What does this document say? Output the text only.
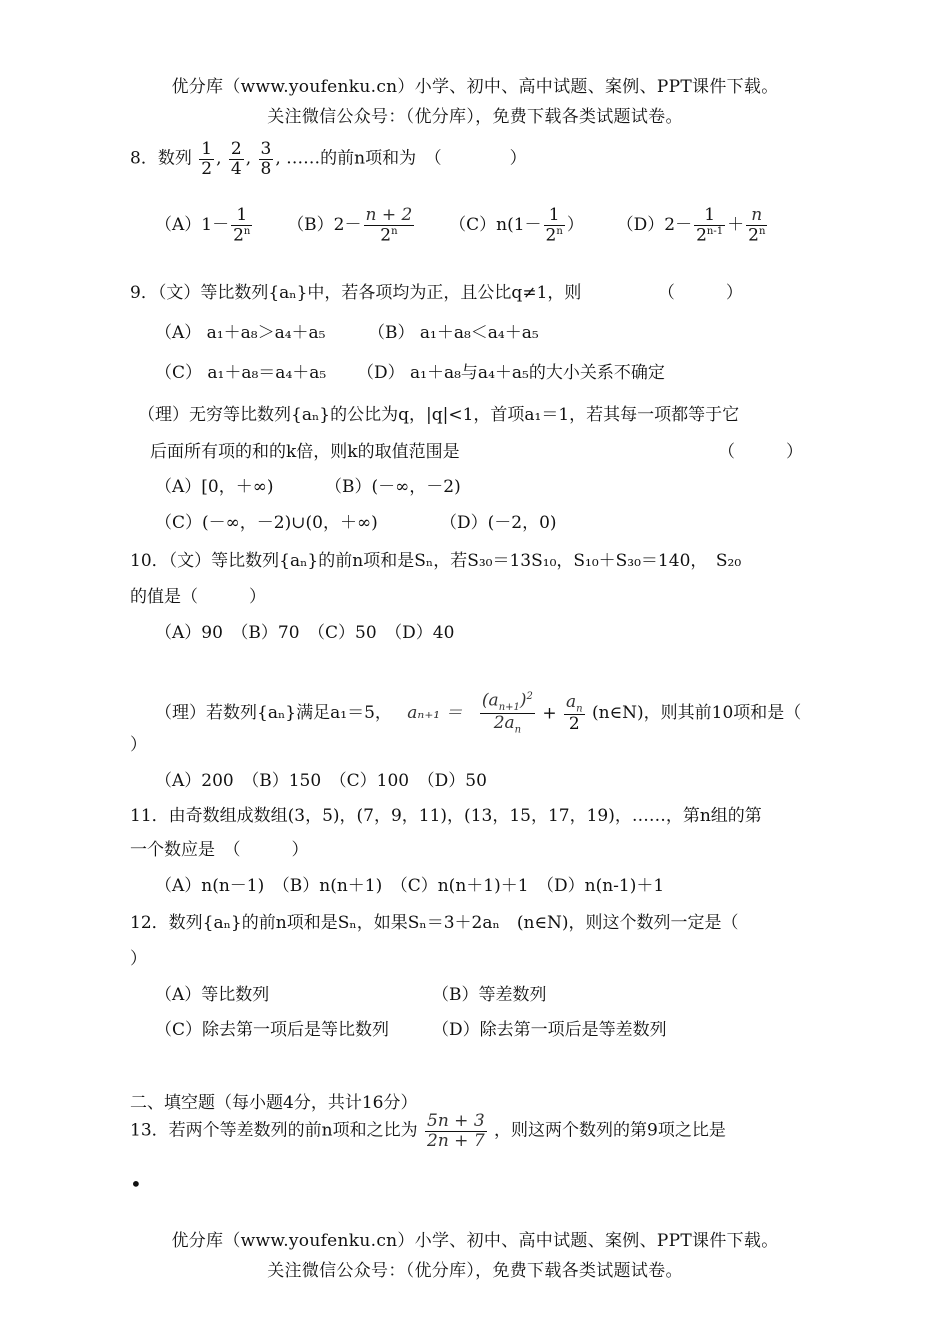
优分库（www.youfenku.cn）小学、初中、高中试题、案例、PPT课件下载。
关注微信公众号：（优分库），免费下载各类试题试卷。
8．数列 $\frac{1}{2}$ , $\frac{2}{4}$ , $\frac{3}{8}$ , ……的前n项和为　（　　　　）
$(A)1- \frac{1}{2^n} (B)2- \frac{n + 2}{2^n} (C)n(1- \frac{1}{2^n}$ ） $(D)2- \frac{1}{2^{n-1}} + \frac{n}{2^n}$
9．（文）等比数列{aₙ}中，若各项均为正，且公比q≠1，则　　　　　（　　　）
（A） a₁＋a₈＞a₄＋a₅	（B） a₁＋a₈＜a₄＋a₅
（C） a₁＋a₈＝a₄＋a₅ （D） a₁＋a₈与a₄＋a₅的大小关系不确定
（理）无穷等比数列{aₙ}的公比为q，|q|<1，首项a₁＝1，若其每一项都等于它
后面所有项的和的k倍，则k的取值范围是	（　　　）
（A）[0，＋∞)	（B）(－∞，－2)
（C）(－∞，－2)∪(0，＋∞)	（D）(－2，0)
10．（文）等比数列{aₙ}的前n项和是Sₙ，若S₃₀＝13S₁₀，S₁₀＋S₃₀＝140，　S₂₀
的值是（　　　）
（A）90　（B）70　（C）50　（D）40
（理）若数列{aₙ}满足a₁＝5， $a_{n+1} = \frac{(a_{n+1})^2}{2a_n} + \frac{a_n}{2}$ (n∈N)，则其前10项和是（
）
（A）200　（B）150　（C）100　（D）50
11．由奇数组成数组(3，5)，(7，9，11)，(13，15，17，19)，……，第n组的第
一个数应是　（　　　）
（A）n(n－1)　（B）n(n＋1)　（C）n(n＋1)＋1　（D）n(n-1)＋1
12．数列{aₙ}的前n项和是Sₙ，如果Sₙ＝3＋2aₙ　(n∈N)，则这个数列一定是（
）
（A）等比数列	（B）等差数列
（C）除去第一项后是等比数列	（D）除去第一项后是等差数列
二、填空题（每小题4分，共计16分）
13．若两个等差数列的前n项和之比为 $\frac{5n + 3}{2n + 7}$ ，则这两个数列的第9项之比是
•
优分库（www.youfenku.cn）小学、初中、高中试题、案例、PPT课件下载。
关注微信公众号：（优分库），免费下载各类试题试卷。
